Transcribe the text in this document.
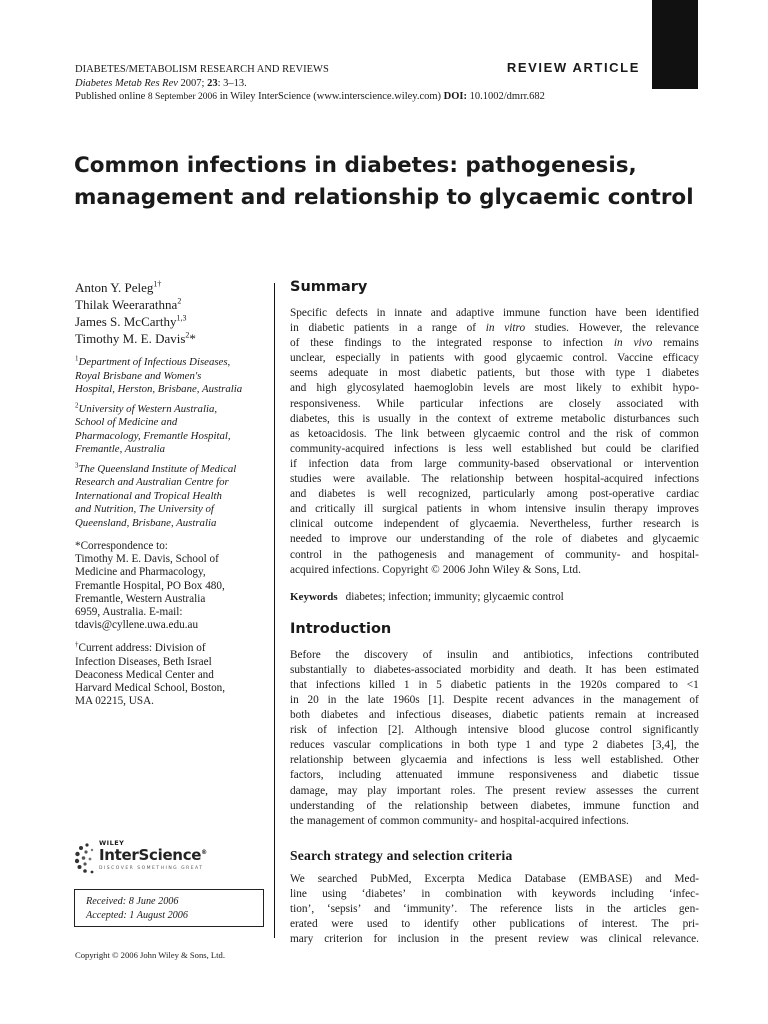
DIABETES/METABOLISM RESEARCH AND REVIEWS
Diabetes Metab Res Rev 2007; 23: 3–13.
Published online 8 September 2006 in Wiley InterScience (www.interscience.wiley.com) DOI: 10.1002/dmrr.682
REVIEW ARTICLE
Common infections in diabetes: pathogenesis,
management and relationship to glycaemic control
Anton Y. Peleg$^{1\dagger}$
Thilak Weerarathna$^2$
James S. McCarthy$^{1,3}$
Timothy M. E. Davis$^2$*
$^1$Department of Infectious Diseases,
Royal Brisbane and Women's
Hospital, Herston, Brisbane, Australia
$^2$University of Western Australia,
School of Medicine and
Pharmacology, Fremantle Hospital,
Fremantle, Australia
$^3$The Queensland Institute of Medical
Research and Australian Centre for
International and Tropical Health
and Nutrition, The University of
Queensland, Brisbane, Australia
*Correspondence to:
Timothy M. E. Davis, School of
Medicine and Pharmacology,
Fremantle Hospital, PO Box 480,
Fremantle, Western Australia
6959, Australia. E-mail:
tdavis@cyllene.uwa.edu.au
†Current address: Division of
Infection Diseases, Beth Israel
Deaconess Medical Center and
Harvard Medical School, Boston,
MA 02215, USA.
WILEY
InterScience®
DISCOVER SOMETHING GREAT
Received: 8 June 2006
Accepted: 1 August 2006
Copyright © 2006 John Wiley & Sons, Ltd.
Summary
Specific defects in innate and adaptive immune function have been identified
in diabetic patients in a range of in vitro studies. However, the relevance
of these findings to the integrated response to infection in vivo remains
unclear, especially in patients with good glycaemic control. Vaccine efficacy
seems adequate in most diabetic patients, but those with type 1 diabetes
and high glycosylated haemoglobin levels are most likely to exhibit hypo-
responsiveness. While particular infections are closely associated with
diabetes, this is usually in the context of extreme metabolic disturbances such
as ketoacidosis. The link between glycaemic control and the risk of common
community-acquired infections is less well established but could be clarified
if infection data from large community-based observational or intervention
studies were available. The relationship between hospital-acquired infections
and diabetes is well recognized, particularly among post-operative cardiac
and critically ill surgical patients in whom intensive insulin therapy improves
clinical outcome independent of glycaemia. Nevertheless, further research is
needed to improve our understanding of the role of diabetes and glycaemic
control in the pathogenesis and management of community- and hospital-
acquired infections. Copyright © 2006 John Wiley & Sons, Ltd.
Keywords diabetes; infection; immunity; glycaemic control
Introduction
Before the discovery of insulin and antibiotics, infections contributed
substantially to diabetes-associated morbidity and death. It has been estimated
that infections killed 1 in 5 diabetic patients in the 1920s compared to <1
in 20 in the late 1960s [1]. Despite recent advances in the management of
both diabetes and infectious diseases, diabetic patients remain at increased
risk of infection [2]. Although intensive blood glucose control significantly
reduces vascular complications in both type 1 and type 2 diabetes [3,4], the
relationship between glycaemia and infections is less well established. Other
factors, including attenuated immune responsiveness and diabetic tissue
damage, may play important roles. The present review assesses the current
understanding of the relationship between diabetes, immune function and
the management of common community- and hospital-acquired infections.
Search strategy and selection criteria
We searched PubMed, Excerpta Medica Database (EMBASE) and Med-
line using ‘diabetes’ in combination with keywords including ‘infec-
tion’, ‘sepsis’ and ‘immunity’. The reference lists in the articles gen-
erated were used to identify other publications of interest. The pri-
mary criterion for inclusion in the present review was clinical relevance.
